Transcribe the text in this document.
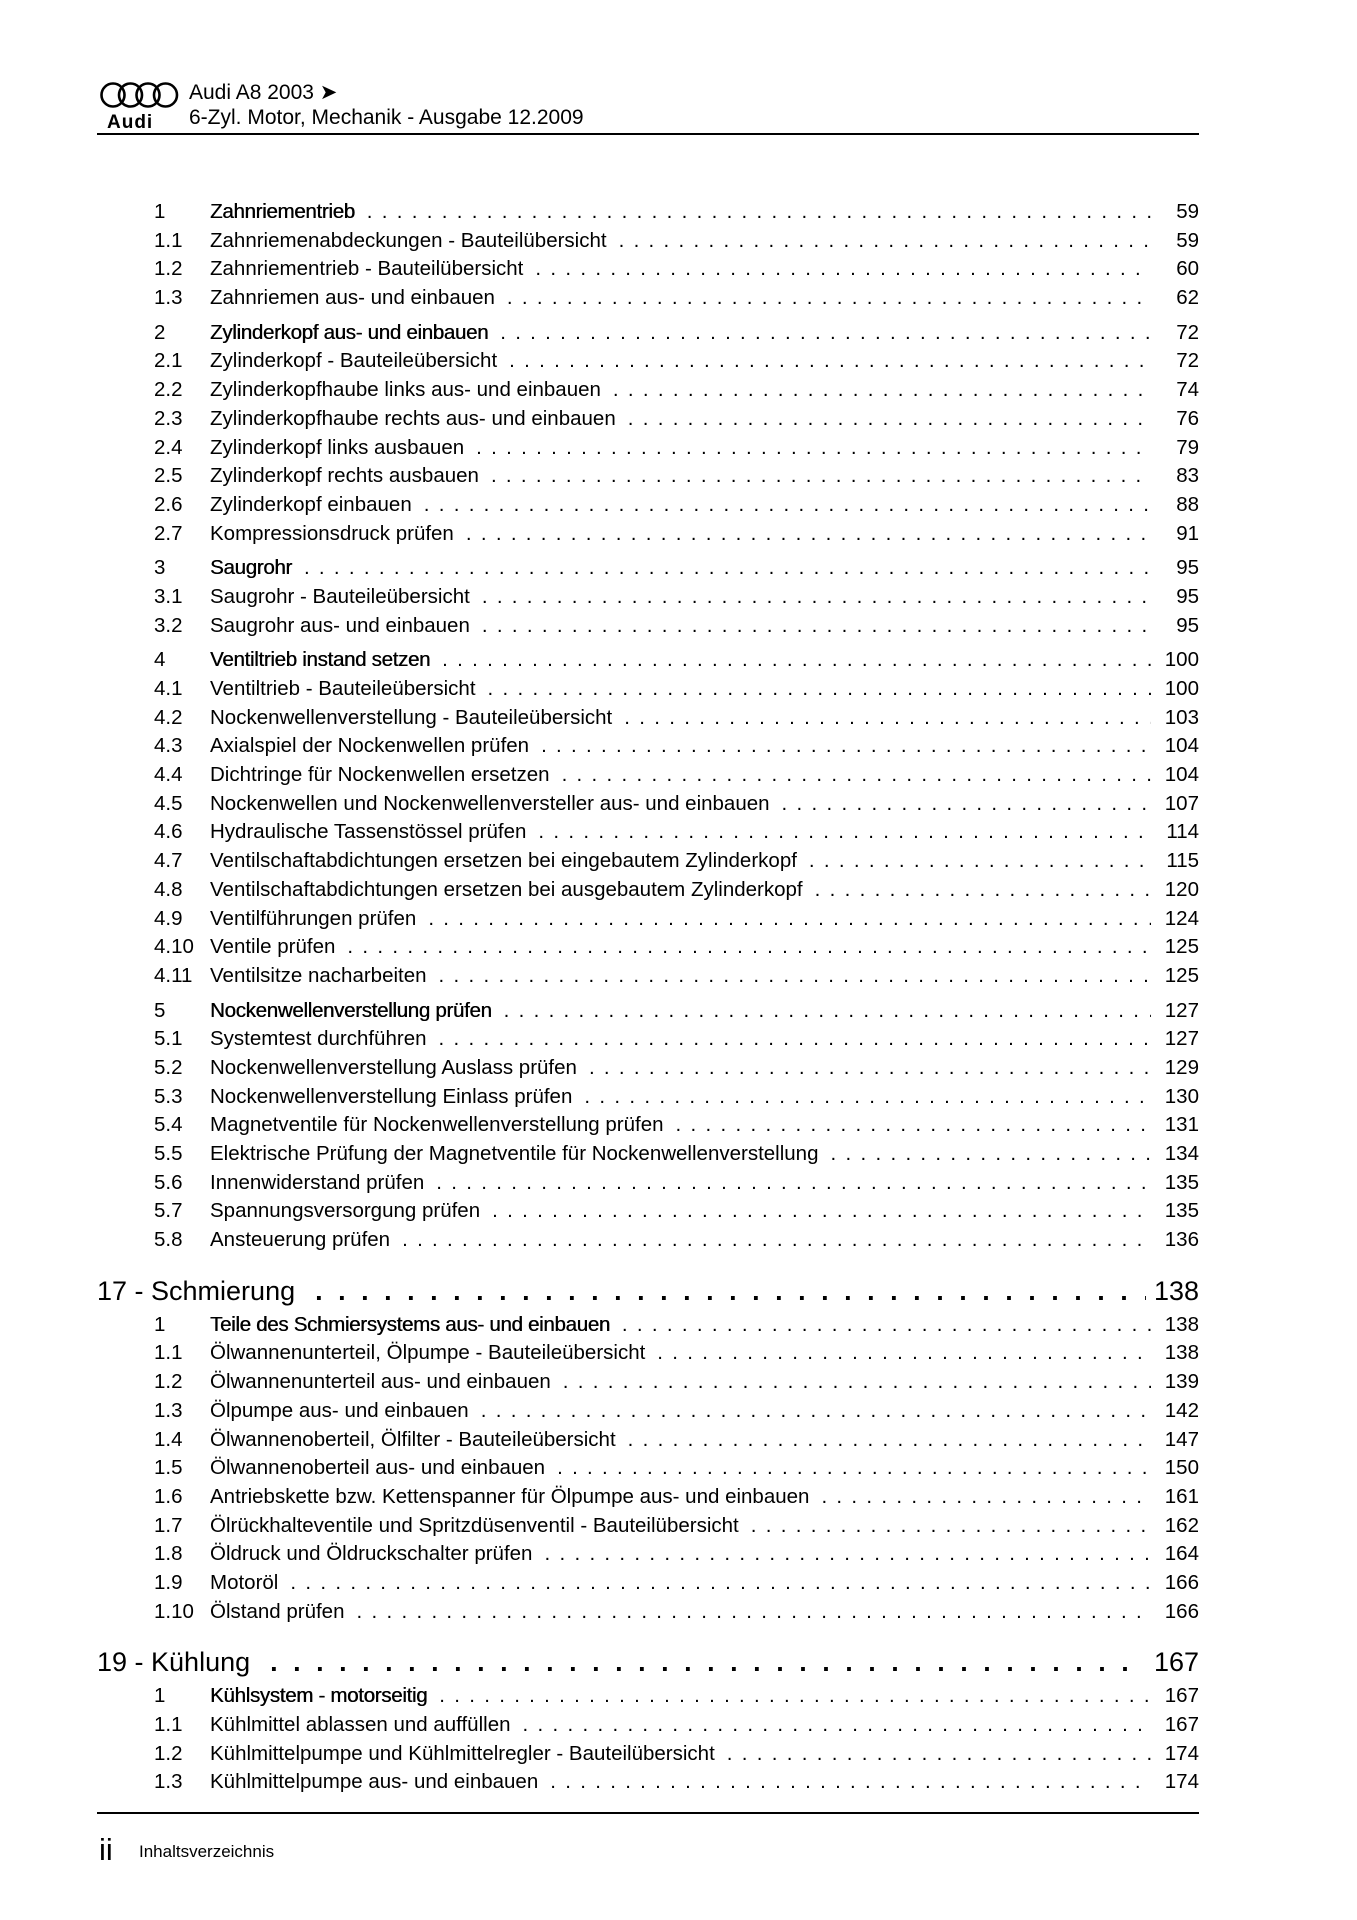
Audi
Audi A8 2003 ➤
6-Zyl. Motor, Mechanik - Ausgabe 12.2009
1	Zahnriementrieb . . .	59
1.1	Zahnriemenabdeckungen - Bauteilübersicht . . .	59
1.2	Zahnriementrieb - Bauteilübersicht . . .	60
1.3	Zahnriemen aus- und einbauen . . .	62
2	Zylinderkopf aus- und einbauen . . .	72
2.1	Zylinderkopf - Bauteileübersicht . . .	72
2.2	Zylinderkopfhaube links aus- und einbauen . . .	74
2.3	Zylinderkopfhaube rechts aus- und einbauen . . .	76
2.4	Zylinderkopf links ausbauen . . .	79
2.5	Zylinderkopf rechts ausbauen . . .	83
2.6	Zylinderkopf einbauen . . .	88
2.7	Kompressionsdruck prüfen . . .	91
3	Saugrohr . . .	95
3.1	Saugrohr - Bauteileübersicht . . .	95
3.2	Saugrohr aus- und einbauen . . .	95
4	Ventiltrieb instand setzen . . .	100
4.1	Ventiltrieb - Bauteileübersicht . . .	100
4.2	Nockenwellenverstellung - Bauteileübersicht . . .	103
4.3	Axialspiel der Nockenwellen prüfen . . .	104
4.4	Dichtringe für Nockenwellen ersetzen . . .	104
4.5	Nockenwellen und Nockenwellenversteller aus- und einbauen . . .	107
4.6	Hydraulische Tassenstössel prüfen . . .	114
4.7	Ventilschaftabdichtungen ersetzen bei eingebautem Zylinderkopf . . .	115
4.8	Ventilschaftabdichtungen ersetzen bei ausgebautem Zylinderkopf . . .	120
4.9	Ventilführungen prüfen . . .	124
4.10 Ventile prüfen . . .	125
4.11 Ventilsitze nacharbeiten . . .	125
5	Nockenwellenverstellung prüfen . . .	127
5.1	Systemtest durchführen . . .	127
5.2	Nockenwellenverstellung Auslass prüfen . . .	129
5.3	Nockenwellenverstellung Einlass prüfen . . .	130
5.4	Magnetventile für Nockenwellenverstellung prüfen . . .	131
5.5	Elektrische Prüfung der Magnetventile für Nockenwellenverstellung . . .	134
5.6	Innenwiderstand prüfen . . .	135
5.7	Spannungsversorgung prüfen . . .	135
5.8	Ansteuerung prüfen . . .	136
17 - Schmierung . . .	138
1	Teile des Schmiersystems aus- und einbauen . . .	138
1.1	Ölwannenunterteil, Ölpumpe - Bauteileübersicht . . .	138
1.2	Ölwannenunterteil aus- und einbauen . . .	139
1.3	Ölpumpe aus- und einbauen . . .	142
1.4	Ölwannenoberteil, Ölfilter - Bauteileübersicht . . .	147
1.5	Ölwannenoberteil aus- und einbauen . . .	150
1.6	Antriebskette bzw. Kettenspanner für Ölpumpe aus- und einbauen . . .	161
1.7	Ölrückhalteventile und Spritzdüsenventil - Bauteilübersicht . . .	162
1.8	Öldruck und Öldruckschalter prüfen . . .	164
1.9	Motoröl . . .	166
1.10 Ölstand prüfen . . .	166
19 - Kühlung . . .	167
1	Kühlsystem - motorseitig . . .	167
1.1	Kühlmittel ablassen und auffüllen . . .	167
1.2	Kühlmittelpumpe und Kühlmittelregler - Bauteilübersicht . . .	174
1.3	Kühlmittelpumpe aus- und einbauen . . .	174
ii Inhaltsverzeichnis
